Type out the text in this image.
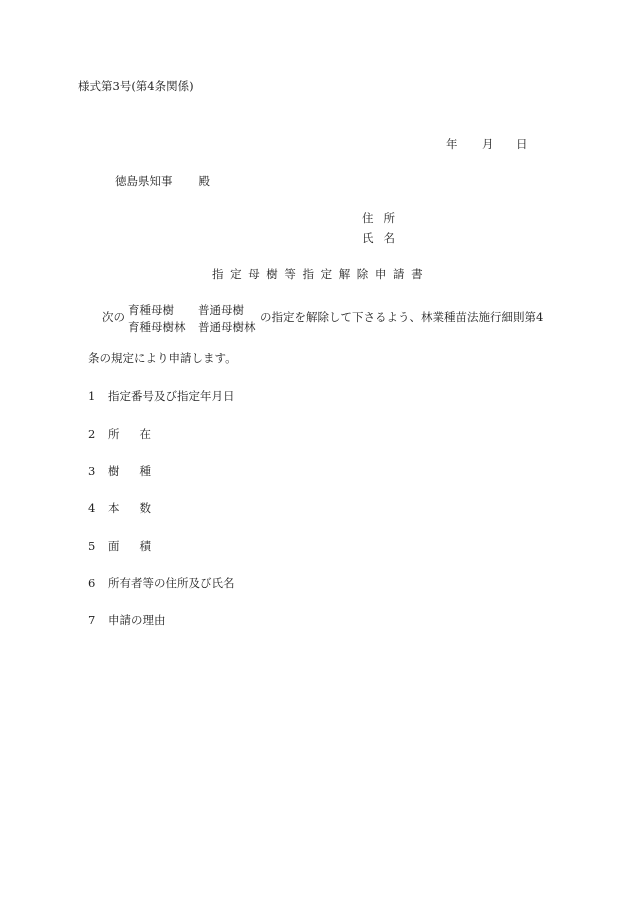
様式第3号(第4条関係)
年 月 日
徳島県知事 殿
住 所
氏 名
指定母樹等指定解除申請書
次の 育種母樹
育種母樹林
普通母樹
普通母樹林
の指定を解除して下さるよう、林業種苗法施行細則第4
条の規定により申請します。
1 指定番号及び指定年月日
2 所 在
3 樹 種
4 本 数
5 面 積
6 所有者等の住所及び氏名
7 申請の理由
